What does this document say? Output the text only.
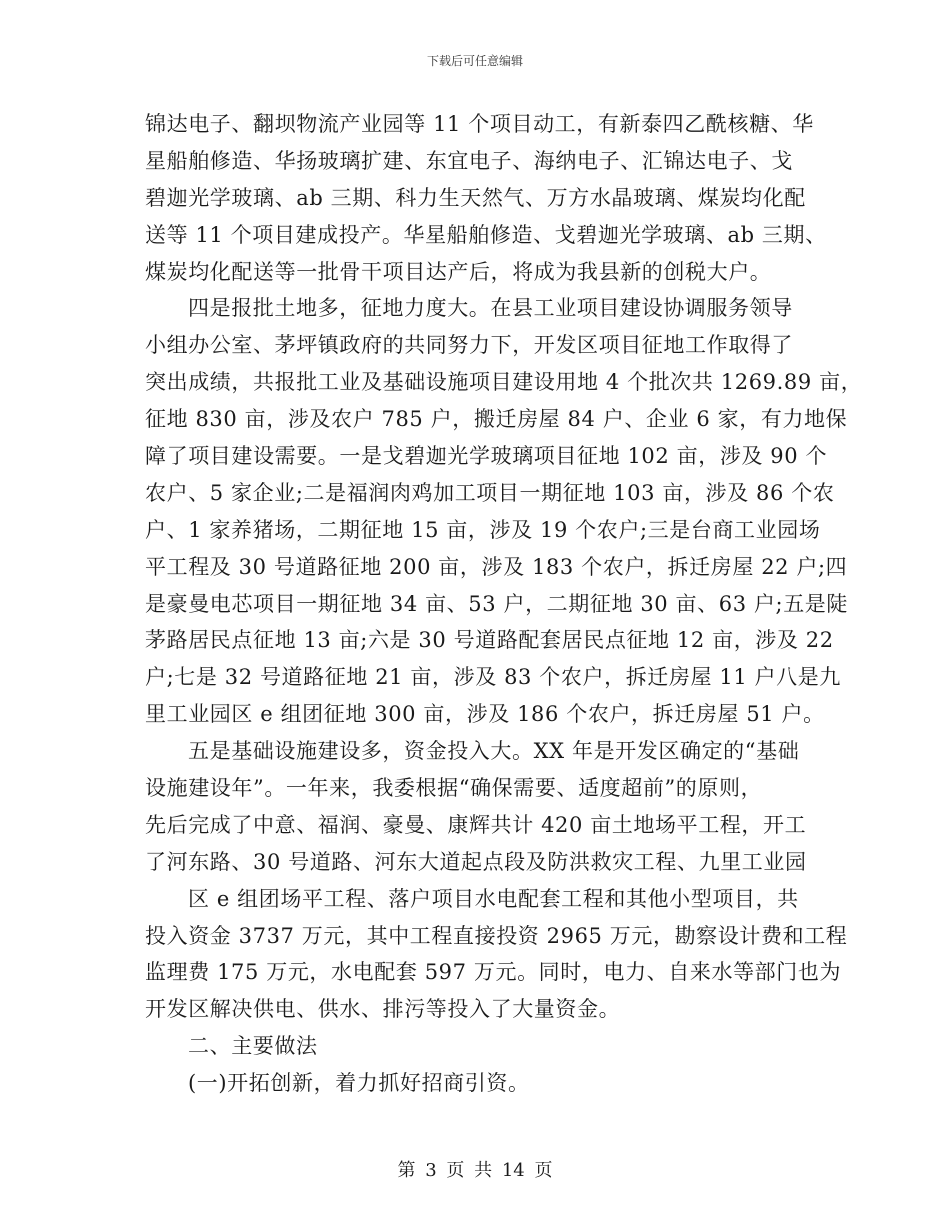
下载后可任意编辑
锦达电子、翻坝物流产业园等 11 个项目动工，有新泰四乙酰核糖、华
星船舶修造、华扬玻璃扩建、东宜电子、海纳电子、汇锦达电子、戈
碧迦光学玻璃、ab 三期、科力生天然气、万方水晶玻璃、煤炭均化配
送等 11 个项目建成投产。华星船舶修造、戈碧迦光学玻璃、ab 三期、
煤炭均化配送等一批骨干项目达产后，将成为我县新的创税大户。
四是报批土地多，征地力度大。在县工业项目建设协调服务领导
小组办公室、茅坪镇政府的共同努力下，开发区项目征地工作取得了
突出成绩，共报批工业及基础设施项目建设用地 4 个批次共 1269.89 亩，
征地 830 亩，涉及农户 785 户，搬迁房屋 84 户、企业 6 家，有力地保
障了项目建设需要。一是戈碧迦光学玻璃项目征地 102 亩，涉及 90 个
农户、5 家企业;二是福润肉鸡加工项目一期征地 103 亩，涉及 86 个农
户、1 家养猪场，二期征地 15 亩，涉及 19 个农户;三是台商工业园场
平工程及 30 号道路征地 200 亩，涉及 183 个农户，拆迁房屋 22 户;四
是豪曼电芯项目一期征地 34 亩、53 户，二期征地 30 亩、63 户;五是陡
茅路居民点征地 13 亩;六是 30 号道路配套居民点征地 12 亩，涉及 22
户;七是 32 号道路征地 21 亩，涉及 83 个农户，拆迁房屋 11 户八是九
里工业园区 e 组团征地 300 亩，涉及 186 个农户，拆迁房屋 51 户。
五是基础设施建设多，资金投入大。XX 年是开发区确定的“基础
设施建设年”。一年来，我委根据“确保需要、适度超前”的原则，
先后完成了中意、福润、豪曼、康辉共计 420 亩土地场平工程，开工
了河东路、30 号道路、河东大道起点段及防洪救灾工程、九里工业园
区 e 组团场平工程、落户项目水电配套工程和其他小型项目，共
投入资金 3737 万元，其中工程直接投资 2965 万元，勘察设计费和工程
监理费 175 万元，水电配套 597 万元。同时，电力、自来水等部门也为
开发区解决供电、供水、排污等投入了大量资金。
二、主要做法
(一)开拓创新，着力抓好招商引资。
第 3 页 共 14 页
